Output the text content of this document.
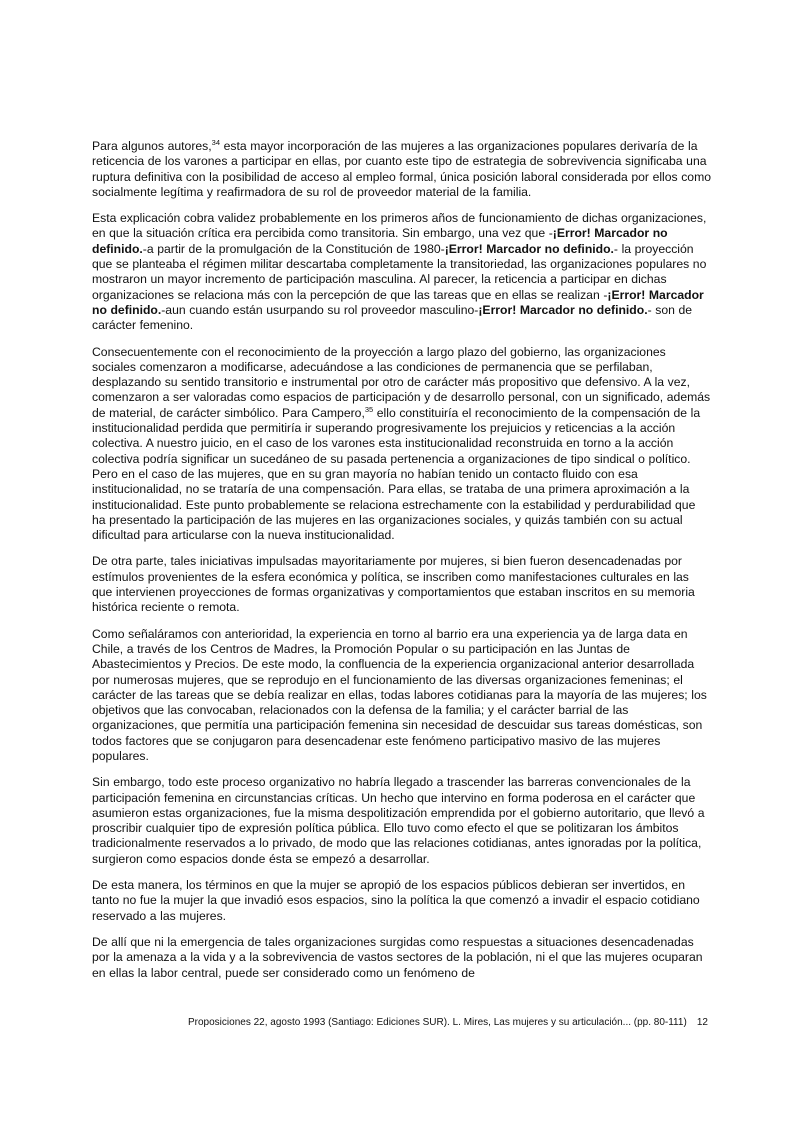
Para algunos autores,$^{34}$ esta mayor incorporación de las mujeres a las organizaciones populares derivaría de la reticencia de los varones a participar en ellas, por cuanto este tipo de estrategia de sobrevivencia significaba una ruptura definitiva con la posibilidad de acceso al empleo formal, única posición laboral considerada por ellos como socialmente legítima y reafirmadora de su rol de proveedor material de la familia.

Esta explicación cobra validez probablemente en los primeros años de funcionamiento de dichas organizaciones, en que la situación crítica era percibida como transitoria. Sin embargo, una vez que -¡Error! Marcador no definido.-a partir de la promulgación de la Constitución de 1980-¡Error! Marcador no definido.- la proyección que se planteaba el régimen militar descartaba completamente la transitoriedad, las organizaciones populares no mostraron un mayor incremento de participación masculina. Al parecer, la reticencia a participar en dichas organizaciones se relaciona más con la percepción de que las tareas que en ellas se realizan -¡Error! Marcador no definido.-aun cuando están usurpando su rol proveedor masculino-¡Error! Marcador no definido.- son de carácter femenino.

Consecuentemente con el reconocimiento de la proyección a largo plazo del gobierno, las organizaciones sociales comenzaron a modificarse, adecuándose a las condiciones de permanencia que se perfilaban, desplazando su sentido transitorio e instrumental por otro de carácter más propositivo que defensivo. A la vez, comenzaron a ser valoradas como espacios de participación y de desarrollo personal, con un significado, además de material, de carácter simbólico. Para Campero,$^{35}$ ello constituiría el reconocimiento de la compensación de la institucionalidad perdida que permitiría ir superando progresivamente los prejuicios y reticencias a la acción colectiva. A nuestro juicio, en el caso de los varones esta institucionalidad reconstruida en torno a la acción colectiva podría significar un sucedáneo de su pasada pertenencia a organizaciones de tipo sindical o político. Pero en el caso de las mujeres, que en su gran mayoría no habían tenido un contacto fluido con esa institucionalidad, no se trataría de una compensación. Para ellas, se trataba de una primera aproximación a la institucionalidad. Este punto probablemente se relaciona estrechamente con la estabilidad y perdurabilidad que ha presentado la participación de las mujeres en las organizaciones sociales, y quizás también con su actual dificultad para articularse con la nueva institucionalidad.

De otra parte, tales iniciativas impulsadas mayoritariamente por mujeres, si bien fueron desencadenadas por estímulos provenientes de la esfera económica y política, se inscriben como manifestaciones culturales en las que intervienen proyecciones de formas organizativas y comportamientos que estaban inscritos en su memoria histórica reciente o remota.

Como señaláramos con anterioridad, la experiencia en torno al barrio era una experiencia ya de larga data en Chile, a través de los Centros de Madres, la Promoción Popular o su participación en las Juntas de Abastecimientos y Precios. De este modo, la confluencia de la experiencia organizacional anterior desarrollada por numerosas mujeres, que se reprodujo en el funcionamiento de las diversas organizaciones femeninas; el carácter de las tareas que se debía realizar en ellas, todas labores cotidianas para la mayoría de las mujeres; los objetivos que las convocaban, relacionados con la defensa de la familia; y el carácter barrial de las organizaciones, que permitía una participación femenina sin necesidad de descuidar sus tareas domésticas, son todos factores que se conjugaron para desencadenar este fenómeno participativo masivo de las mujeres populares.

Sin embargo, todo este proceso organizativo no habría llegado a trascender las barreras convencionales de la participación femenina en circunstancias críticas. Un hecho que intervino en forma poderosa en el carácter que asumieron estas organizaciones, fue la misma despolitización emprendida por el gobierno autoritario, que llevó a proscribir cualquier tipo de expresión política pública. Ello tuvo como efecto el que se politizaran los ámbitos tradicionalmente reservados a lo privado, de modo que las relaciones cotidianas, antes ignoradas por la política, surgieron como espacios donde ésta se empezó a desarrollar.

De esta manera, los términos en que la mujer se apropió de los espacios públicos debieran ser invertidos, en tanto no fue la mujer la que invadió esos espacios, sino la política la que comenzó a invadir el espacio cotidiano reservado a las mujeres.

De allí que ni la emergencia de tales organizaciones surgidas como respuestas a situaciones desencadenadas por la amenaza a la vida y a la sobrevivencia de vastos sectores de la población, ni el que las mujeres ocuparan en ellas la labor central, puede ser considerado como un fenómeno de

Proposiciones 22, agosto 1993 (Santiago: Ediciones SUR). L. Mires, Las mujeres y su articulación... (pp. 80-111)	12
